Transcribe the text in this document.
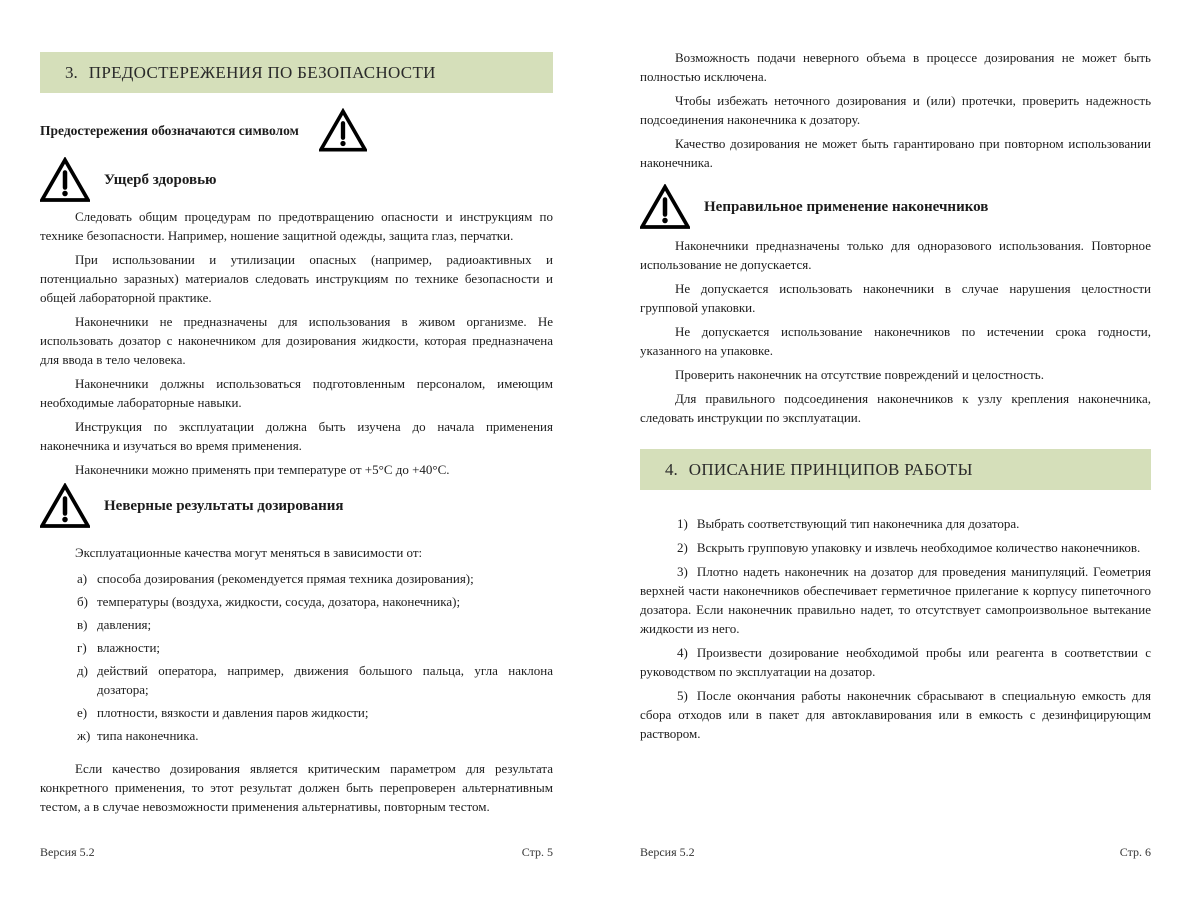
3. ПРЕДОСТЕРЕЖЕНИЯ ПО БЕЗОПАСНОСТИ
Предостережения обозначаются символом
Ущерб здоровью

Следовать общим процедурам по предотвращению опасности и инструкциям по технике безопасности. Например, ношение защитной одежды, защита глаз, перчатки.

При использовании и утилизации опасных (например, радиоактивных и потенциально заразных) материалов следовать инструкциям по технике безопасности и общей лабораторной практике.

Наконечники не предназначены для использования в живом организме. Не использовать дозатор с наконечником для дозирования жидкости, которая предназначена для ввода в тело человека.

Наконечники должны использоваться подготовленным персоналом, имеющим необходимые лабораторные навыки.

Инструкция по эксплуатации должна быть изучена до начала применения наконечника и изучаться во время применения.

Наконечники можно применять при температуре от +5°С до +40°С.

Неверные результаты дозирования

Эксплуатационные качества могут меняться в зависимости от:

а) способа дозирования (рекомендуется прямая техника дозирования);
б) температуры (воздуха, жидкости, сосуда, дозатора, наконечника);
в) давления;
г) влажности;
д) действий оператора, например, движения большого пальца, угла наклона дозатора;
е) плотности, вязкости и давления паров жидкости;
ж) типа наконечника.

Если качество дозирования является критическим параметром для результата конкретного применения, то этот результат должен быть перепроверен альтернативным тестом, а в случае невозможности применения альтернативы, повторным тестом.

Версия 5.2	Стр. 5

Возможность подачи неверного объема в процессе дозирования не может быть полностью исключена.

Чтобы избежать неточного дозирования и (или) протечки, проверить надежность подсоединения наконечника к дозатору.

Качество дозирования не может быть гарантировано при повторном использовании наконечника.

Неправильное применение наконечников

Наконечники предназначены только для одноразового использования. Повторное использование не допускается.

Не допускается использовать наконечники в случае нарушения целостности групповой упаковки.

Не допускается использование наконечников по истечении срока годности, указанного на упаковке.

Проверить наконечник на отсутствие повреждений и целостность.

Для правильного подсоединения наконечников к узлу крепления наконечника, следовать инструкции по эксплуатации.

4. ОПИСАНИЕ ПРИНЦИПОВ РАБОТЫ

1) Выбрать соответствующий тип наконечника для дозатора.

2) Вскрыть групповую упаковку и извлечь необходимое количество наконечников.

3) Плотно надеть наконечник на дозатор для проведения манипуляций. Геометрия верхней части наконечников обеспечивает герметичное прилегание к корпусу пипеточного дозатора. Если наконечник правильно надет, то отсутствует самопроизвольное вытекание жидкости из него.

4) Произвести дозирование необходимой пробы или реагента в соответствии с руководством по эксплуатации на дозатор.

5) После окончания работы наконечник сбрасывают в специальную емкость для сбора отходов или в пакет для автоклавирования или в емкость с дезинфицирующим раствором.

Версия 5.2	Стр. 6
